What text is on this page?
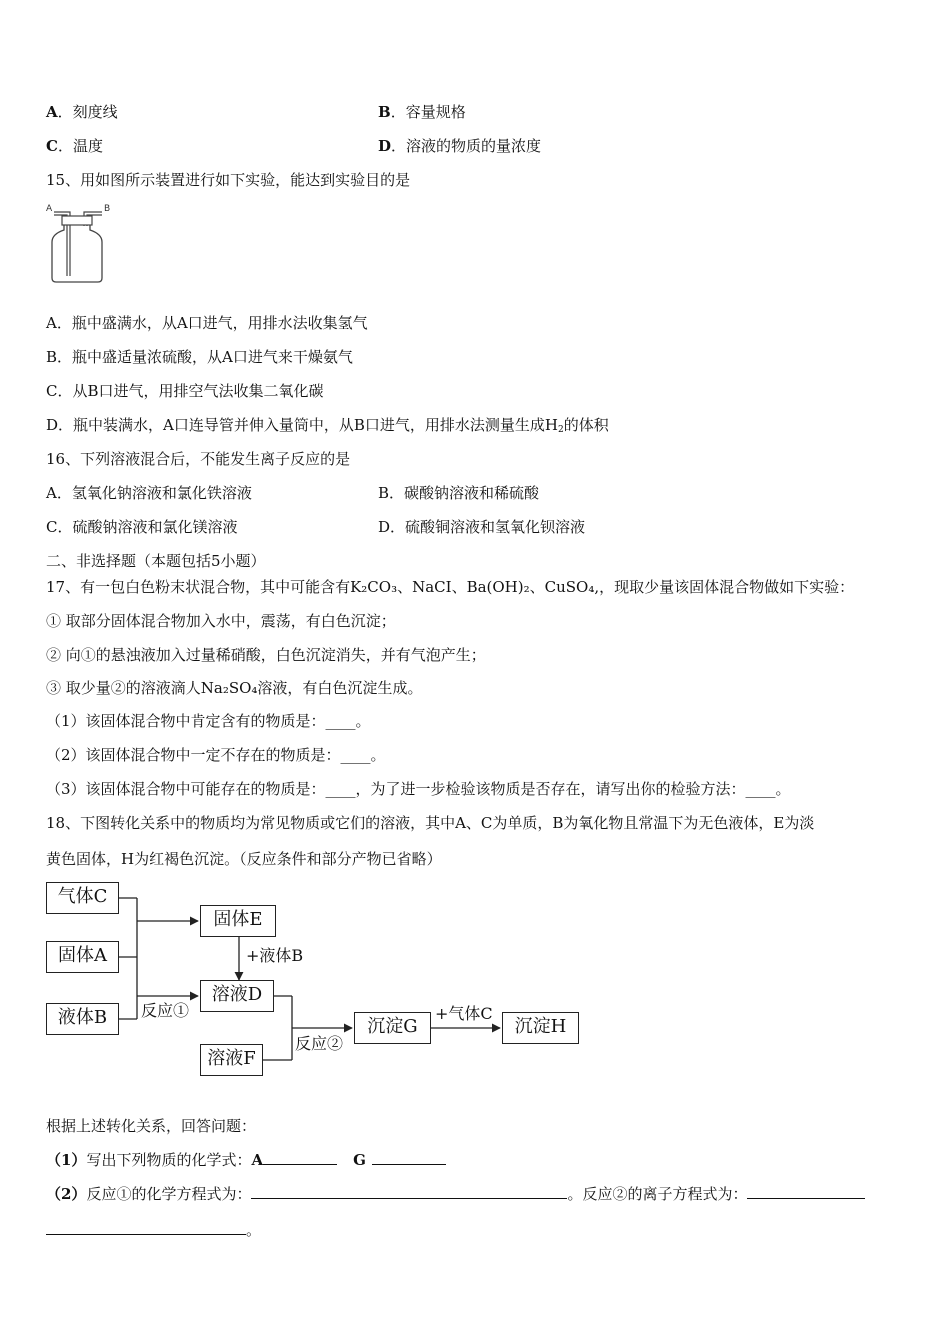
A．刻度线	B．容量规格
C．温度	D．溶液的物质的量浓度
15、用如图所示装置进行如下实验，能达到实验目的是
A	B
A．瓶中盛满水，从A口进气，用排水法收集氢气
B．瓶中盛适量浓硫酸，从A口进气来干燥氨气
C．从B口进气，用排空气法收集二氧化碳
D．瓶中装满水，A口连导管并伸入量筒中，从B口进气，用排水法测量生成$H_2$的体积
16、下列溶液混合后，不能发生离子反应的是
A．氢氧化钠溶液和氯化铁溶液	B．碳酸钠溶液和稀硫酸
C．硫酸钠溶液和氯化镁溶液	D．硫酸铜溶液和氢氧化钡溶液
二、非选择题（本题包括5小题）
17、有一包白色粉末状混合物，其中可能含有K₂CO₃、NaCI、Ba(OH)₂、CuSO₄,，现取少量该固体混合物做如下实验：
① 取部分固体混合物加入水中，震荡，有白色沉淀；
② 向①的悬浊液加入过量稀硝酸，白色沉淀消失，并有气泡产生；
③ 取少量②的溶液滴人Na₂SO₄溶液，有白色沉淀生成。
（1）该固体混合物中肯定含有的物质是：____。
（2）该固体混合物中一定不存在的物质是：____。
（3）该固体混合物中可能存在的物质是：____，为了进一步检验该物质是否存在，请写出你的检验方法：____。
18、下图转化关系中的物质均为常见物质或它们的溶液，其中A、C为单质，B为氧化物且常温下为无色液体，E为淡
黄色固体，H为红褐色沉淀。（反应条件和部分产物已省略）
气体C
固体A
液体B
固体E
+液体B
溶液D
反应①
溶液F
反应②
沉淀G
+气体C
沉淀H
根据上述转化关系，回答问题：
（1）写出下列物质的化学式：A	G
（2）反应①的化学方程式为：	。反应②的离子方程式为：
。
